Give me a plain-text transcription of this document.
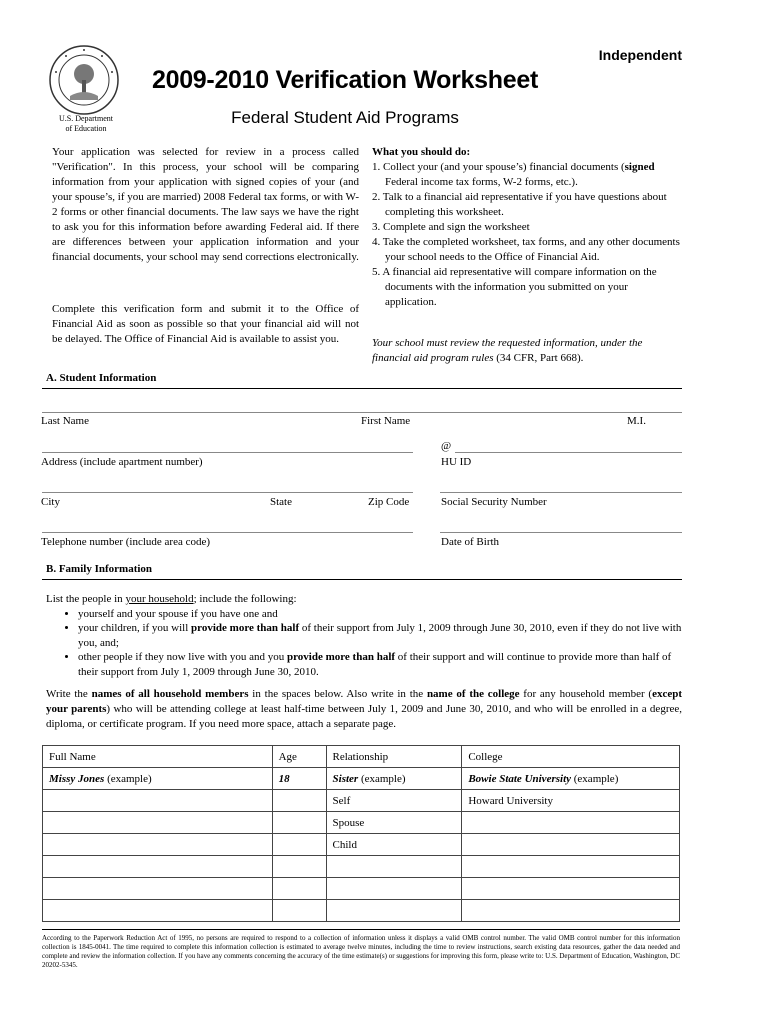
U.S. Department
of Education
Independent
2009-2010 Verification Worksheet
Federal Student Aid Programs
Your application was selected for review in a process called "Verification". In this process, your school will be comparing information from your application with signed copies of your (and your spouse’s, if you are married) 2008 Federal tax forms, or with W-2 forms or other financial documents. The law says we have the right to ask you for this information before awarding Federal aid. If there are differences between your application information and your financial documents, your school may send corrections electronically.
Complete this verification form and submit it to the Office of Financial Aid as soon as possible so that your financial aid will not be delayed. The Office of Financial Aid is available to assist you.
What you should do:
1. Collect your (and your spouse’s) financial documents (signed Federal income tax forms, W-2 forms, etc.).
2. Talk to a financial aid representative if you have questions about completing this worksheet.
3. Complete and sign the worksheet
4. Take the completed worksheet, tax forms, and any other documents your school needs to the Office of Financial Aid.
5. A financial aid representative will compare information on the documents with the information you submitted on your application.
Your school must review the requested information, under the financial aid program rules (34 CFR, Part 668).
A. Student Information
Last Name	First Name	M.I.
@
Address (include apartment number)	HU ID
City	State	Zip Code	Social Security Number
Telephone number (include area code)	Date of Birth
B. Family Information
List the people in your household; include the following:
• yourself and your spouse if you have one and
• your children, if you will provide more than half of their support from July 1, 2009 through June 30, 2010, even if they do not live with you, and;
• other people if they now live with you and you provide more than half of their support and will continue to provide more than half of their support from July 1, 2009 through June 30, 2010.
Write the names of all household members in the spaces below. Also write in the name of the college for any household member (except your parents) who will be attending college at least half-time between July 1, 2009 and June 30, 2010, and who will be enrolled in a degree, diploma, or certificate program. If you need more space, attach a separate page.
Full Name	Age	Relationship	College
Missy Jones (example)	18	Sister (example)	Bowie State University (example)
		Self	Howard University
		Spouse	
		Child	

According to the Paperwork Reduction Act of 1995, no persons are required to respond to a collection of information unless it displays a valid OMB control number. The valid OMB control number for this information collection is 1845-0041. The time required to complete this information collection is estimated to average twelve minutes, including the time to review instructions, search existing data resources, gather the data needed and complete and review the information collection. If you have any comments concerning the accuracy of the time estimate(s) or suggestions for improving this form, please write to: U.S. Department of Education, Washington, DC 20202-5345.
